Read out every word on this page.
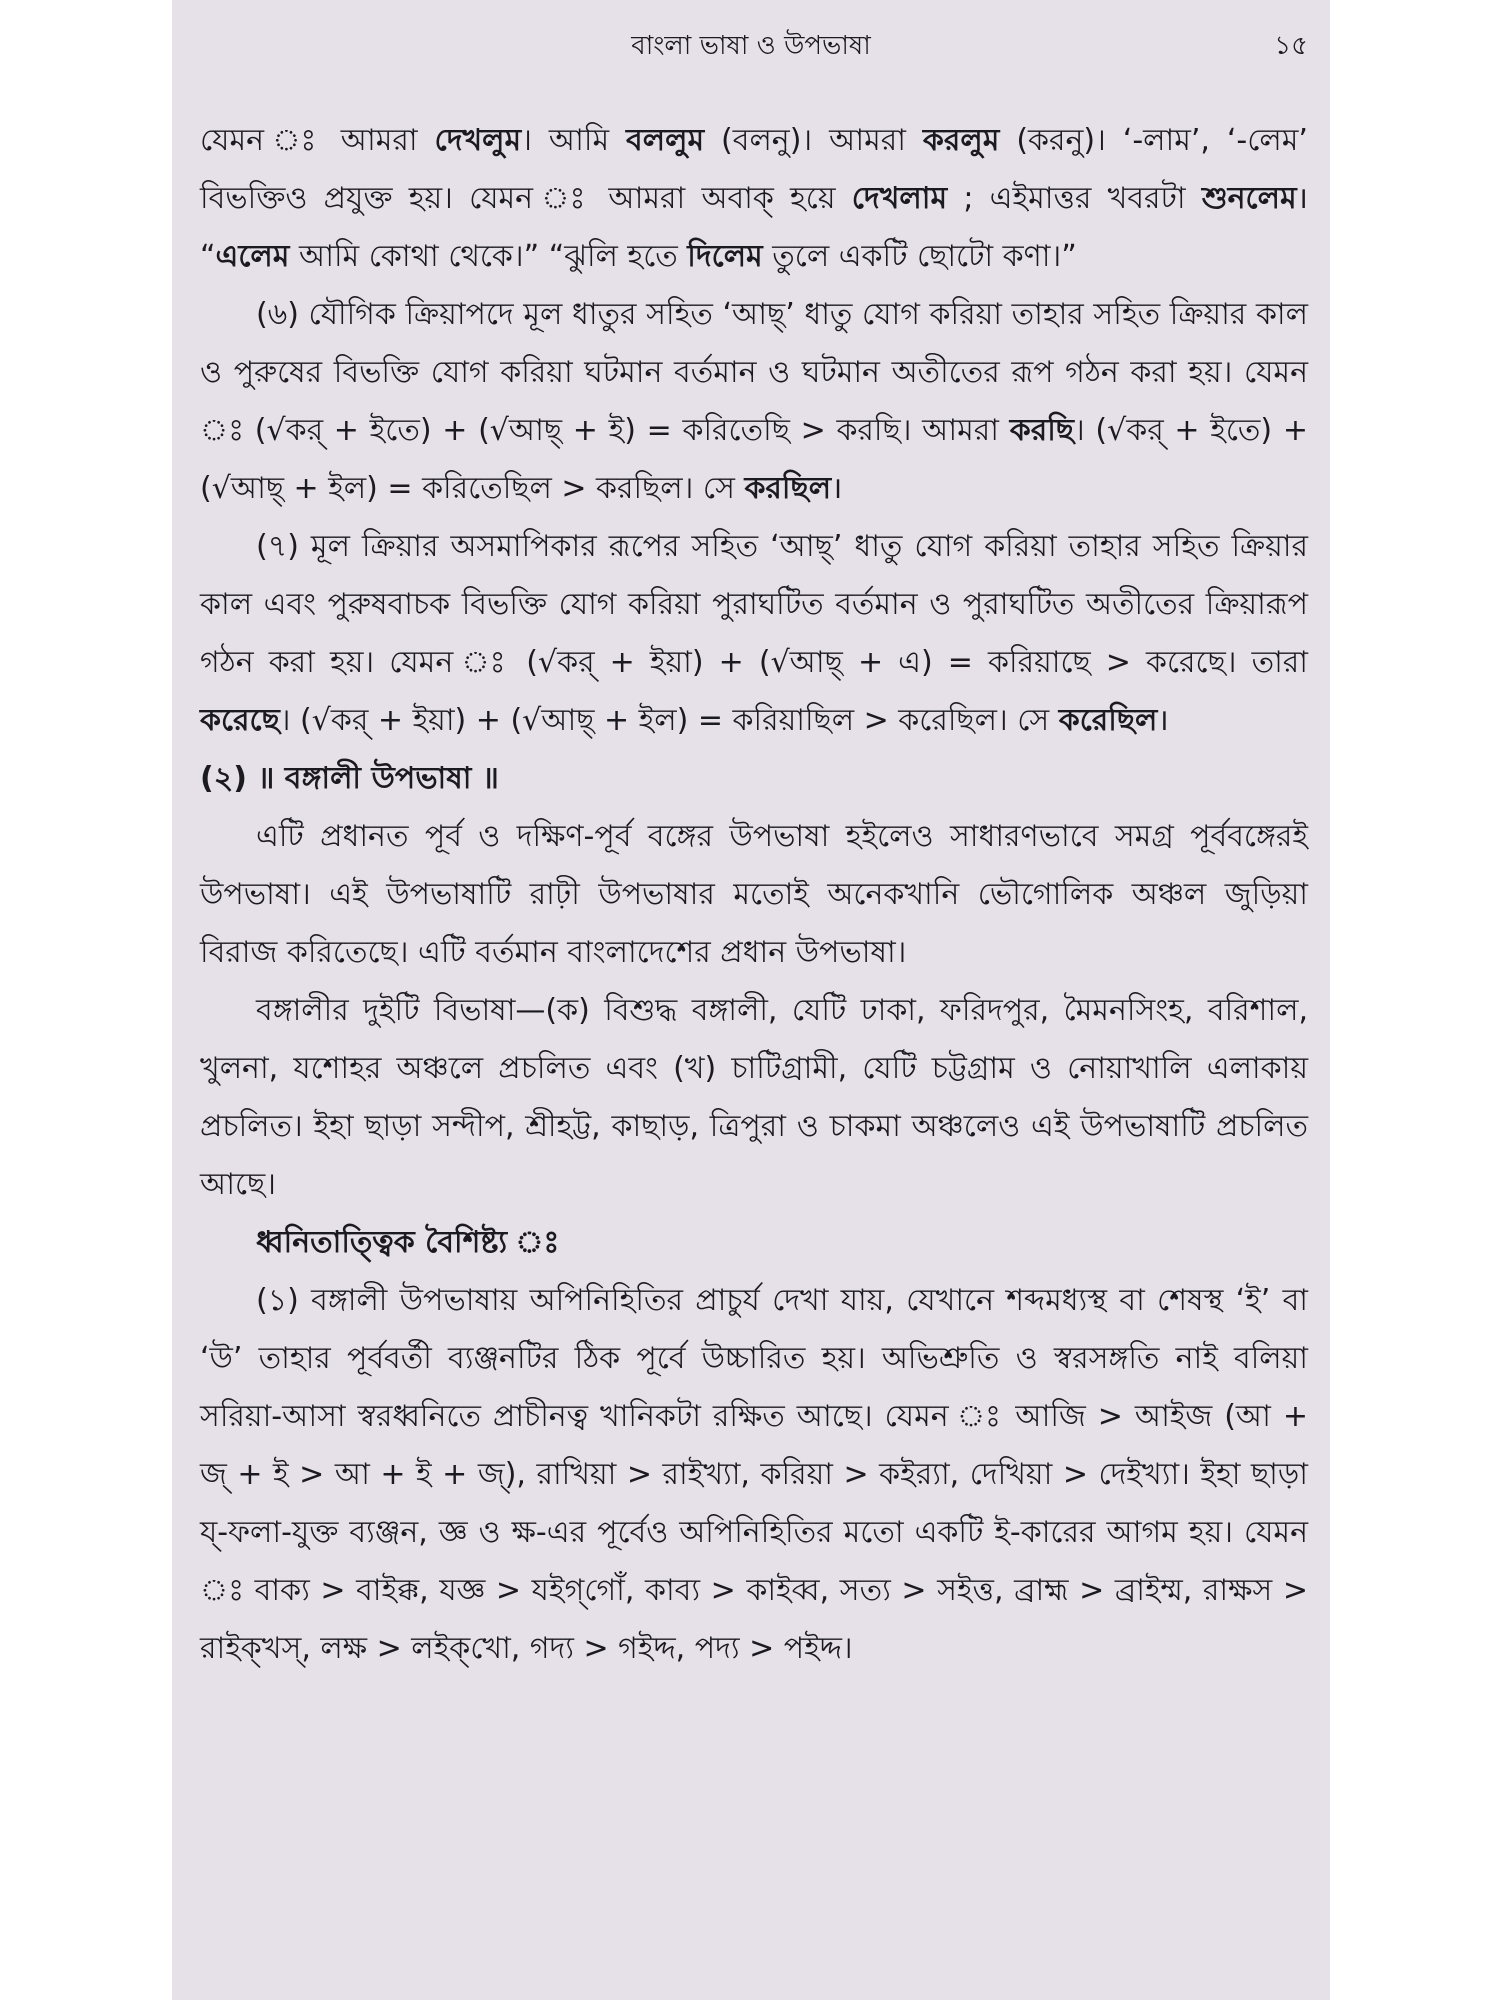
বাংলা ভাষা ও উপভাষা	১৫

যেমন ঃ আমরা দেখলুম। আমি বললুম (বলনু)। আমরা করলুম (করনু)। ‘-লাম’, ‘-লেম’ বিভক্তিও প্রযুক্ত হয়। যেমন ঃ আমরা অবাক্ হয়ে দেখলাম ; এইমাত্তর খবরটা শুনলেম। “এলেম আমি কোথা থেকে।” “ঝুলি হতে দিলেম তুলে একটি ছোটো কণা।”

(৬) যৌগিক ক্রিয়াপদে মূল ধাতুর সহিত ‘আছ্’ ধাতু যোগ করিয়া তাহার সহিত ক্রিয়ার কাল ও পুরুষের বিভক্তি যোগ করিয়া ঘটমান বর্তমান ও ঘটমান অতীতের রূপ গঠন করা হয়। যেমন ঃ (√কর্ + ইতে) + (√আছ্ + ই) = করিতেছি > করছি। আমরা করছি। (√কর্ + ইতে) + (√আছ্ + ইল) = করিতেছিল > করছিল। সে করছিল।

(৭) মূল ক্রিয়ার অসমাপিকার রূপের সহিত ‘আছ্’ ধাতু যোগ করিয়া তাহার সহিত ক্রিয়ার কাল এবং পুরুষবাচক বিভক্তি যোগ করিয়া পুরাঘটিত বর্তমান ও পুরাঘটিত অতীতের ক্রিয়ারূপ গঠন করা হয়। যেমন ঃ (√কর্ + ইয়া) + (√আছ্ + এ) = করিয়াছে > করেছে। তারা করেছে। (√কর্ + ইয়া) + (√আছ্ + ইল) = করিয়াছিল > করেছিল। সে করেছিল।

(২) ॥ বঙ্গালী উপভাষা ॥

এটি প্রধানত পূর্ব ও দক্ষিণ-পূর্ব বঙ্গের উপভাষা হইলেও সাধারণভাবে সমগ্র পূর্ববঙ্গেরই উপভাষা। এই উপভাষাটি রাঢ়ী উপভাষার মতোই অনেকখানি ভৌগোলিক অঞ্চল জুড়িয়া বিরাজ করিতেছে। এটি বর্তমান বাংলাদেশের প্রধান উপভাষা।

বঙ্গালীর দুইটি বিভাষা—(ক) বিশুদ্ধ বঙ্গালী, যেটি ঢাকা, ফরিদপুর, মৈমনসিংহ, বরিশাল, খুলনা, যশোহর অঞ্চলে প্রচলিত এবং (খ) চাটিগ্রামী, যেটি চট্টগ্রাম ও নোয়াখালি এলাকায় প্রচলিত। ইহা ছাড়া সন্দীপ, শ্রীহট্ট, কাছাড়, ত্রিপুরা ও চাকমা অঞ্চলেও এই উপভাষাটি প্রচলিত আছে।

ধ্বনিতাত্ত্বিক বৈশিষ্ট্য ঃ

(১) বঙ্গালী উপভাষায় অপিনিহিতির প্রাচুর্য দেখা যায়, যেখানে শব্দমধ্যস্থ বা শেষস্থ ‘ই’ বা ‘উ’ তাহার পূর্ববর্তী ব্যঞ্জনটির ঠিক পূর্বে উচ্চারিত হয়। অভিশ্রুতি ও স্বরসঙ্গতি নাই বলিয়া সরিয়া-আসা স্বরধ্বনিতে প্রাচীনত্ব খানিকটা রক্ষিত আছে। যেমন ঃ আজি > আইজ (আ + জ্ + ই > আ + ই + জ্), রাখিয়া > রাইখ্যা, করিয়া > কইর‍্যা, দেখিয়া > দেইখ্যা। ইহা ছাড়া য্-ফলা-যুক্ত ব্যঞ্জন, জ্ঞ ও ক্ষ-এর পূর্বেও অপিনিহিতির মতো একটি ই-কারের আগম হয়। যেমন ঃ বাক্য > বাইক্ক, যজ্ঞ > যইগ্‌গোঁ, কাব্য > কাইব্ব, সত্য > সইত্ত, ব্রাহ্ম > ব্রাইম্ম, রাক্ষস > রাইক্‌খস্, লক্ষ > লইক্‌খো, গদ্য > গইদ্দ, পদ্য > পইদ্দ।
